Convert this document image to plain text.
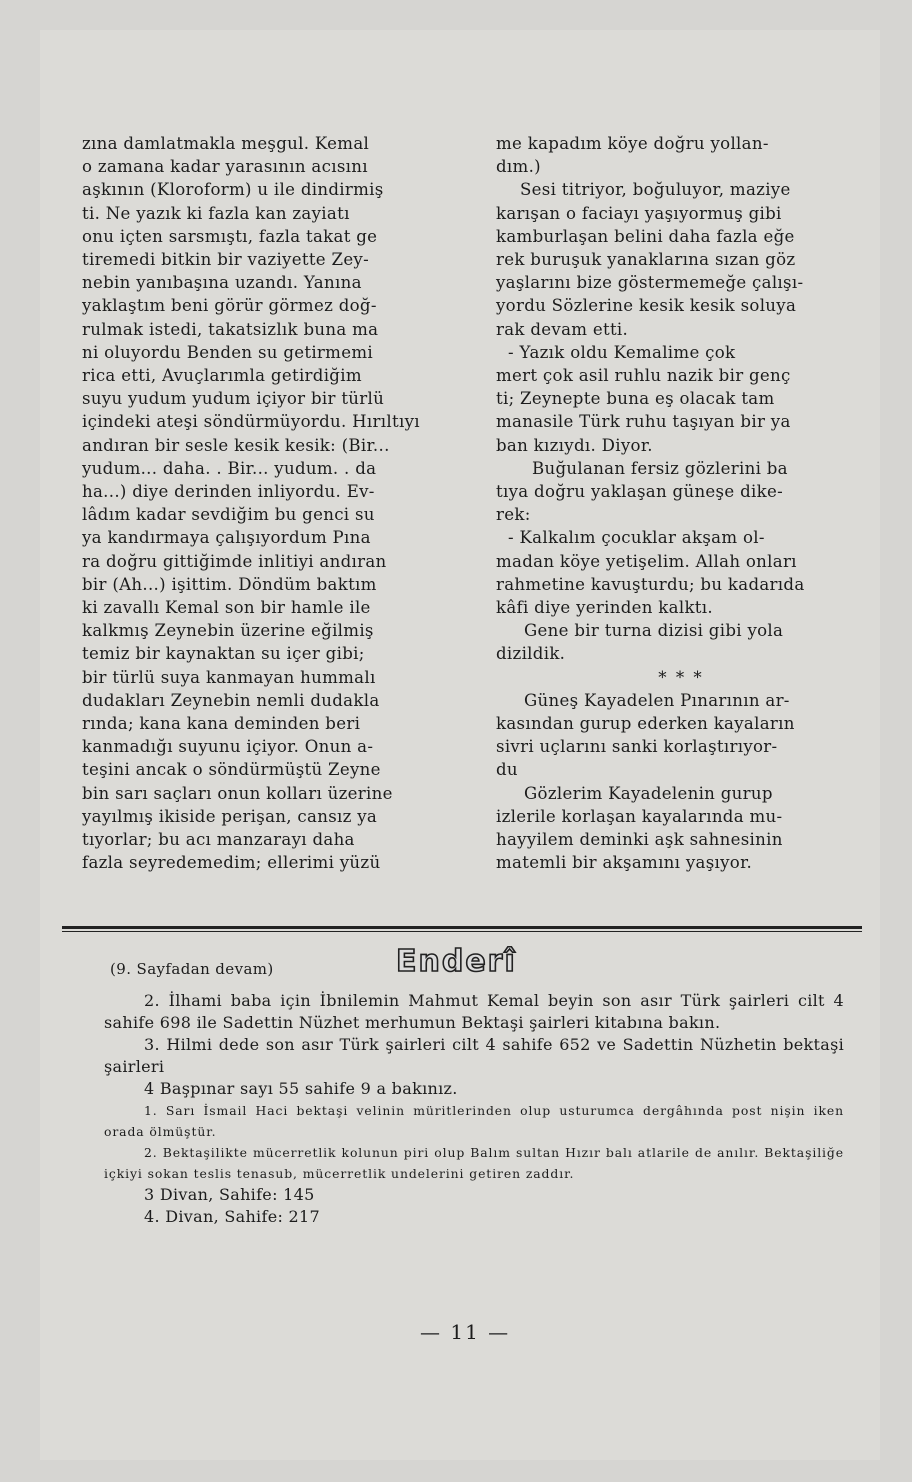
zına damlatmakla meşgul. Kemal
o zamana kadar yarasının acısını
aşkının (Kloroform) u ile dindirmiş
ti. Ne yazık ki fazla kan zayiatı
onu içten sarsmıştı, fazla takat ge
tiremedi bitkin bir vaziyette Zey-
nebin yanıbaşına uzandı. Yanına
yaklaştım beni görür görmez doğ-
rulmak istedi, takatsizlık buna ma
ni oluyordu Benden su getirmemi
rica etti, Avuçlarımla getirdiğim
suyu yudum yudum içiyor bir türlü
içindeki ateşi söndürmüyordu. Hırıltıyı
andıran bir sesle kesik kesik: (Bir...
yudum... daha. . Bir... yudum. . da
ha...) diye derinden inliyordu. Ev-
lâdım kadar sevdiğim bu genci su
ya kandırmaya çalışıyordum Pına
ra doğru gittiğimde inlitiyi andıran
bir (Ah...) işittim. Döndüm baktım
ki zavallı Kemal son bir hamle ile
kalkmış Zeynebin üzerine eğilmiş
temiz bir kaynaktan su içer gibi;
bir türlü suya kanmayan hummalı
dudakları Zeynebin nemli dudakla
rında; kana kana deminden beri
kanmadığı suyunu içiyor. Onun a-
teşini ancak o söndürmüştü Zeyne
bin sarı saçları onun kolları üzerine
yayılmış ikiside perişan, cansız ya
tıyorlar; bu acı manzarayı daha
fazla seyredemedim; ellerimi yüzü
me kapadım köye doğru yollan-
dım.)
Sesi titriyor, boğuluyor, maziye
karışan o faciayı yaşıyormuş gibi
kamburlaşan belini daha fazla eğe
rek buruşuk yanaklarına sızan göz
yaşlarını bize göstermemeğe çalışı-
yordu Sözlerine kesik kesik soluya
rak devam etti.
- Yazık oldu Kemalime çok
mert çok asil ruhlu nazik bir genç
ti; Zeynepte buna eş olacak tam
manasile Türk ruhu taşıyan bir ya
ban kızıydı. Diyor.
Buğulanan fersiz gözlerini ba
tıya doğru yaklaşan güneşe dike-
rek:
- Kalkalım çocuklar akşam ol-
madan köye yetişelim. Allah onları
rahmetine kavuşturdu; bu kadarıda
kâfi diye yerinden kalktı.
Gene bir turna dizisi gibi yola
dizildik.
* * *
Güneş Kayadelen Pınarının ar-
kasından gurup ederken kayaların
sivri uçlarını sanki korlaştırıyor-
du
Gözlerim Kayadelenin gurup
izlerile korlaşan kayalarında mu-
hayyilem deminki aşk sahnesinin
matemli bir akşamını yaşıyor.
(9. Sayfadan devam)	Enderî
2. İlhami baba için İbnilemin Mahmut Kemal beyin son asır Türk şairleri cilt 4 sahife 698 ile Sadettin Nüzhet merhumun Bektaşi şairleri kitabına bakın.
3. Hilmi dede son asır Türk şairleri cilt 4 sahife 652 ve Sadettin Nüzhetin bektaşi şairleri
4 Başpınar sayı 55 sahife 9 a bakınız.
1. Sarı İsmail Haci bektaşi velinin müritlerinden olup usturumca dergâhında post nişin iken orada ölmüştür.
2. Bektaşilikte mücerretlik kolunun piri olup Balım sultan Hızır balı atlarile de anılır. Bektaşiliğe içkiyi sokan teslis tenasub, mücerretlik undelerini getiren zaddır.
3 Divan, Sahife: 145
4. Divan, Sahife: 217
— 11 —
